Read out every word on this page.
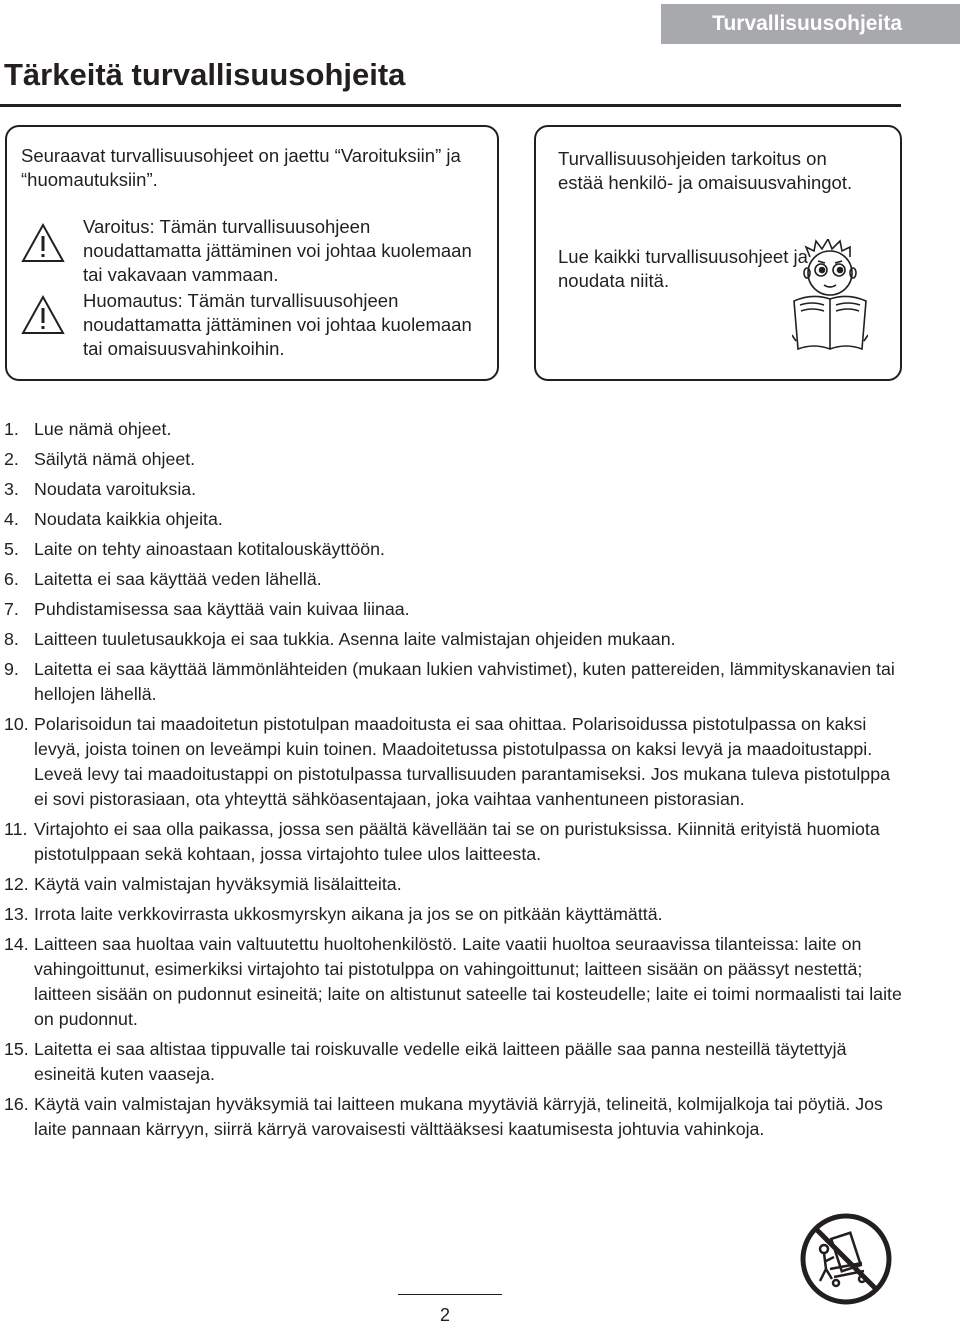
Turvallisuusohjeita
Tärkeitä turvallisuusohjeita
Seuraavat turvallisuusohjeet on jaettu “Varoituksiin” ja “huomautuksiin”.
Varoitus: Tämän turvallisuusohjeen noudattamatta jättäminen voi johtaa kuolemaan tai vakavaan vammaan.
Huomautus: Tämän turvallisuusohjeen noudattamatta jättäminen voi johtaa kuolemaan tai omaisuusvahinkoihin.
Turvallisuusohjeiden tarkoitus on estää henkilö- ja omaisuusvahingot.
Lue kaikki turvallisuusohjeet ja noudata niitä.
1. Lue nämä ohjeet.
2. Säilytä nämä ohjeet.
3. Noudata varoituksia.
4. Noudata kaikkia ohjeita.
5. Laite on tehty ainoastaan kotitalouskäyttöön.
6. Laitetta ei saa käyttää veden lähellä.
7. Puhdistamisessa saa käyttää vain kuivaa liinaa.
8. Laitteen tuuletusaukkoja ei saa tukkia. Asenna laite valmistajan ohjeiden mukaan.
9. Laitetta ei saa käyttää lämmönlähteiden (mukaan lukien vahvistimet), kuten pattereiden, lämmityskanavien tai hellojen lähellä.
10. Polarisoidun tai maadoitetun pistotulpan maadoitusta ei saa ohittaa. Polarisoidussa pistotulpassa on kaksi levyä, joista toinen on leveämpi kuin toinen. Maadoitetussa pistotulpassa on kaksi levyä ja maadoitustappi. Leveä levy tai maadoitustappi on pistotulpassa turvallisuuden parantamiseksi. Jos mukana tuleva pistotulppa ei sovi pistorasiaan, ota yhteyttä sähköasentajaan, joka vaihtaa vanhentuneen pistorasian.
11. Virtajohto ei saa olla paikassa, jossa sen päältä kävellään tai se on puristuksissa. Kiinnitä erityistä huomiota pistotulppaan sekä kohtaan, jossa virtajohto tulee ulos laitteesta.
12. Käytä vain valmistajan hyväksymiä lisälaitteita.
13. Irrota laite verkkovirrasta ukkosmyrskyn aikana ja jos se on pitkään käyttämättä.
14. Laitteen saa huoltaa vain valtuutettu huoltohenkilöstö. Laite vaatii huoltoa seuraavissa tilanteissa: laite on vahingoittunut, esimerkiksi virtajohto tai pistotulppa on vahingoittunut; laitteen sisään on päässyt nestettä; laitteen sisään on pudonnut esineitä; laite on altistunut sateelle tai kosteudelle; laite ei toimi normaalisti tai laite on pudonnut.
15. Laitetta ei saa altistaa tippuvalle tai roiskuvalle vedelle eikä laitteen päälle saa panna nesteillä täytettyjä esineitä kuten vaaseja.
16. Käytä vain valmistajan hyväksymiä tai laitteen mukana myytäviä kärryjä, telineitä, kolmijalkoja tai pöytiä. Jos laite pannaan kärryyn, siirrä kärryä varovaisesti välttääksesi kaatumisesta johtuvia vahinkoja.
2
